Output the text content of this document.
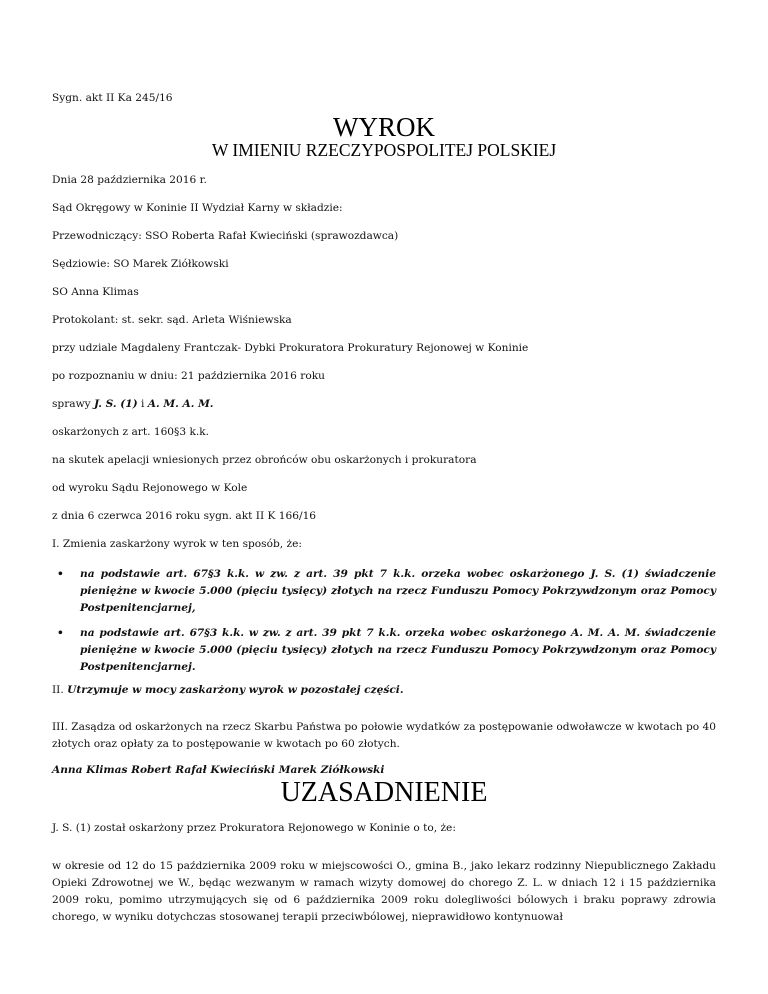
Sygn. akt II Ka 245/16
WYROK
W IMIENIU RZECZYPOSPOLITEJ POLSKIEJ
Dnia 28 października 2016 r.
Sąd Okręgowy w Koninie II Wydział Karny w składzie:
Przewodniczący: SSO Roberta Rafał Kwieciński (sprawozdawca)
Sędziowie: SO Marek Ziółkowski
SO Anna Klimas
Protokolant: st. sekr. sąd. Arleta Wiśniewska
przy udziale Magdaleny Frantczak- Dybki Prokuratora Prokuratury Rejonowej w Koninie
po rozpoznaniu w dniu: 21 października 2016 roku
sprawy J. S. (1) i A. M. A. M.
oskarżonych z art. 160§3 k.k.
na skutek apelacji wniesionych przez obrońców obu oskarżonych i prokuratora
od wyroku Sądu Rejonowego w Kole
z dnia 6 czerwca 2016 roku sygn. akt II K 166/16
I. Zmienia zaskarżony wyrok w ten sposób, że:
•	na podstawie art. 67§3 k.k. w zw. z art. 39 pkt 7 k.k. orzeka wobec oskarżonego J. S. (1) świadczenie pieniężne w kwocie 5.000 (pięciu tysięcy) złotych na rzecz Funduszu Pomocy Pokrzywdzonym oraz Pomocy Postpenitencjarnej,
•	na podstawie art. 67§3 k.k. w zw. z art. 39 pkt 7 k.k. orzeka wobec oskarżonego A. M. A. M. świadczenie pieniężne w kwocie 5.000 (pięciu tysięcy) złotych na rzecz Funduszu Pomocy Pokrzywdzonym oraz Pomocy Postpenitencjarnej.
II. Utrzymuje w mocy zaskarżony wyrok w pozostałej części.
III. Zasądza od oskarżonych na rzecz Skarbu Państwa po połowie wydatków za postępowanie odwoławcze w kwotach po 40 złotych oraz opłaty za to postępowanie w kwotach po 60 złotych.
Anna Klimas Robert Rafał Kwieciński Marek Ziółkowski
UZASADNIENIE
J. S. (1) został oskarżony przez Prokuratora Rejonowego w Koninie o to, że:
w okresie od 12 do 15 października 2009 roku w miejscowości O., gmina B., jako lekarz rodzinny Niepublicznego Zakładu Opieki Zdrowotnej we W., będąc wezwanym w ramach wizyty domowej do chorego Z. L. w dniach 12 i 15 października 2009 roku, pomimo utrzymujących się od 6 października 2009 roku dolegliwości bólowych i braku poprawy zdrowia chorego, w wyniku dotychczas stosowanej terapii przeciwbólowej, nieprawidłowo kontynuował
